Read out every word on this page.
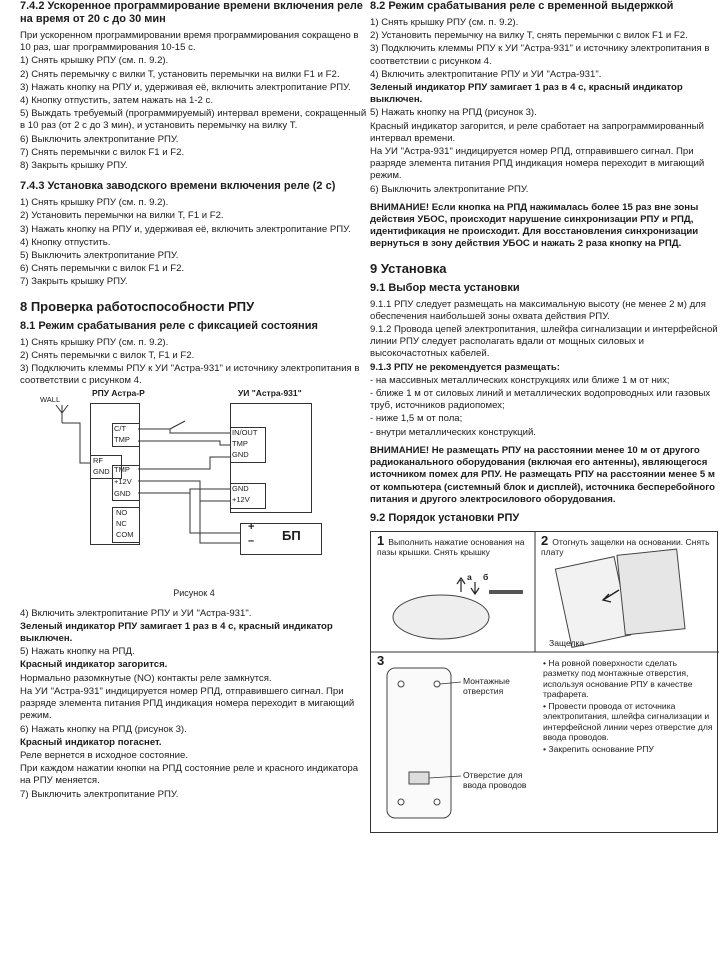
7.4.2 Ускоренное программирование времени включения реле на время от 20 с до 30 мин
При ускоренном программировании время программирования сокращено в 10 раз, шаг программирования 10-15 с.
1) Снять крышку РПУ (см. п. 9.2).
2) Снять перемычку с вилки T, установить перемычки на вилки F1 и F2.
3) Нажать кнопку на РПУ и, удерживая её, включить электропитание РПУ.
4) Кнопку отпустить, затем нажать на 1-2 с.
5) Выждать требуемый (программируемый) интервал времени, сокращенный в 10 раз (от 2 с до 3 мин), и установить перемычку на вилку T.
6) Выключить электропитание РПУ.
7) Снять перемычки с вилок F1 и F2.
8) Закрыть крышку РПУ.
7.4.3 Установка заводского времени включения реле (2 с)
1) Снять крышку РПУ (см. п. 9.2).
2) Установить перемычки на вилки T, F1 и F2.
3) Нажать кнопку на РПУ и, удерживая её, включить электропитание РПУ.
4) Кнопку отпустить.
5) Выключить электропитание РПУ.
6) Снять перемычки с вилок F1 и F2.
7) Закрыть крышку РПУ.
8 Проверка работоспособности РПУ
8.1 Режим срабатывания реле с фиксацией состояния
1) Снять крышку РПУ (см. п. 9.2).
2) Снять перемычки с вилок T, F1 и F2.
3) Подключить клеммы РПУ к УИ "Астра-931" и источнику электропитания в соответствии с рисунком 4.
WALL
РПУ Астра-Р
C/T
TMP
RF
GND TMP
+12V
GND
NO
NC
COM
УИ "Астра-931"
IN/OUT
TMP
GND
GND
+12V
+
– БП
Рисунок 4
4) Включить электропитание РПУ и УИ "Астра-931".
Зеленый индикатор РПУ замигает 1 раз в 4 с, красный индикатор выключен.
5) Нажать кнопку на РПД.
Красный индикатор загорится.
Нормально разомкнутые (NO) контакты реле замкнутся.
На УИ "Астра-931" индицируется номер РПД, отправившего сигнал. При разряде элемента питания РПД индикация номера переходит в мигающий режим.
6) Нажать кнопку на РПД (рисунок 3).
Красный индикатор погаснет.
Реле вернется в исходное состояние.
При каждом нажатии кнопки на РПД состояние реле и красного индикатора на РПУ меняется.
7) Выключить электропитание РПУ.
8.2 Режим срабатывания реле с временной выдержкой
1) Снять крышку РПУ (см. п. 9.2).
2) Установить перемычку на вилку T, снять перемычки с вилок F1 и F2.
3) Подключить клеммы РПУ к УИ "Астра-931" и источнику электропитания в соответствии с рисунком 4.
4) Включить электропитание РПУ и УИ "Астра-931".
Зеленый индикатор РПУ замигает 1 раз в 4 с, красный индикатор выключен.
5) Нажать кнопку на РПД (рисунок 3).
Красный индикатор загорится, и реле сработает на запрограммированный интервал времени.
На УИ "Астра-931" индицируется номер РПД, отправившего сигнал. При разряде элемента питания РПД индикация номера переходит в мигающий режим.
6) Выключить электропитание РПУ.
ВНИМАНИЕ! Если кнопка на РПД нажималась более 15 раз вне зоны действия УБОС, происходит нарушение синхронизации РПУ и РПД, идентификация не происходит. Для восстановления синхронизации вернуться в зону действия УБОС и нажать 2 раза кнопку на РПД.
9 Установка
9.1 Выбор места установки
9.1.1 РПУ следует размещать на максимальную высоту (не менее 2 м) для обеспечения наибольшей зоны охвата действия РПУ.
9.1.2 Провода цепей электропитания, шлейфа сигнализации и интерфейсной линии РПУ следует располагать вдали от мощных силовых и высокочастотных кабелей.
9.1.3 РПУ не рекомендуется размещать:
- на массивных металлических конструкциях или ближе 1 м от них;
- ближе 1 м от силовых линий и металлических водопроводных или газовых труб, источников радиопомех;
- ниже 1,5 м от пола;
- внутри металлических конструкций.
ВНИМАНИЕ! Не размещать РПУ на расстоянии менее 10 м от другого радиоканального оборудования (включая его антенны), являющегося источником помех для РПУ. Не размещать РПУ на расстоянии менее 5 м от компьютера (системный блок и дисплей), источника бесперебойного питания и другого электросилового оборудования.
9.2 Порядок установки РПУ
1 Выполнить нажатие основания на пазы крышки. Снять крышку
а б
2 Отогнуть защелки на основании. Снять плату
Защелка
3
Монтажные отверстия
Отверстие для ввода проводов
• На ровной поверхности сделать разметку под монтажные отверстия, используя основание РПУ в качестве трафарета.
• Провести провода от источника электропитания, шлейфа сигнализации и интерфейсной линии через отверстие для ввода проводов.
• Закрепить основание РПУ
